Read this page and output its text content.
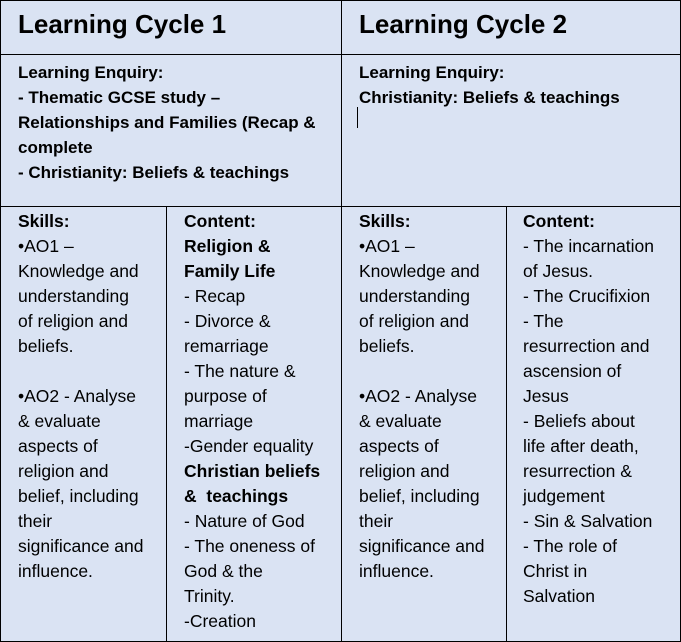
Learning Cycle 1	Learning Cycle 2
Learning Enquiry:
- Thematic GCSE study –
Relationships and Families (Recap &
complete
- Christianity: Beliefs & teachings
Learning Enquiry:
Christianity: Beliefs & teachings
Skills:
•AO1 –
Knowledge and
understanding
of religion and
beliefs.
•AO2 - Analyse
& evaluate
aspects of
religion and
belief, including
their
significance and
influence.
Content:
Religion &
Family Life
- Recap
- Divorce &
remarriage
- The nature &
purpose of
marriage
-Gender equality
Christian beliefs
&  teachings
- Nature of God
- The oneness of
God & the
Trinity.
-Creation
Skills:
•AO1 –
Knowledge and
understanding
of religion and
beliefs.
•AO2 - Analyse
& evaluate
aspects of
religion and
belief, including
their
significance and
influence.
Content:
- The incarnation
of Jesus.
- The Crucifixion
- The
resurrection and
ascension of
Jesus
- Beliefs about
life after death,
resurrection &
judgement
- Sin & Salvation
- The role of
Christ in
Salvation
